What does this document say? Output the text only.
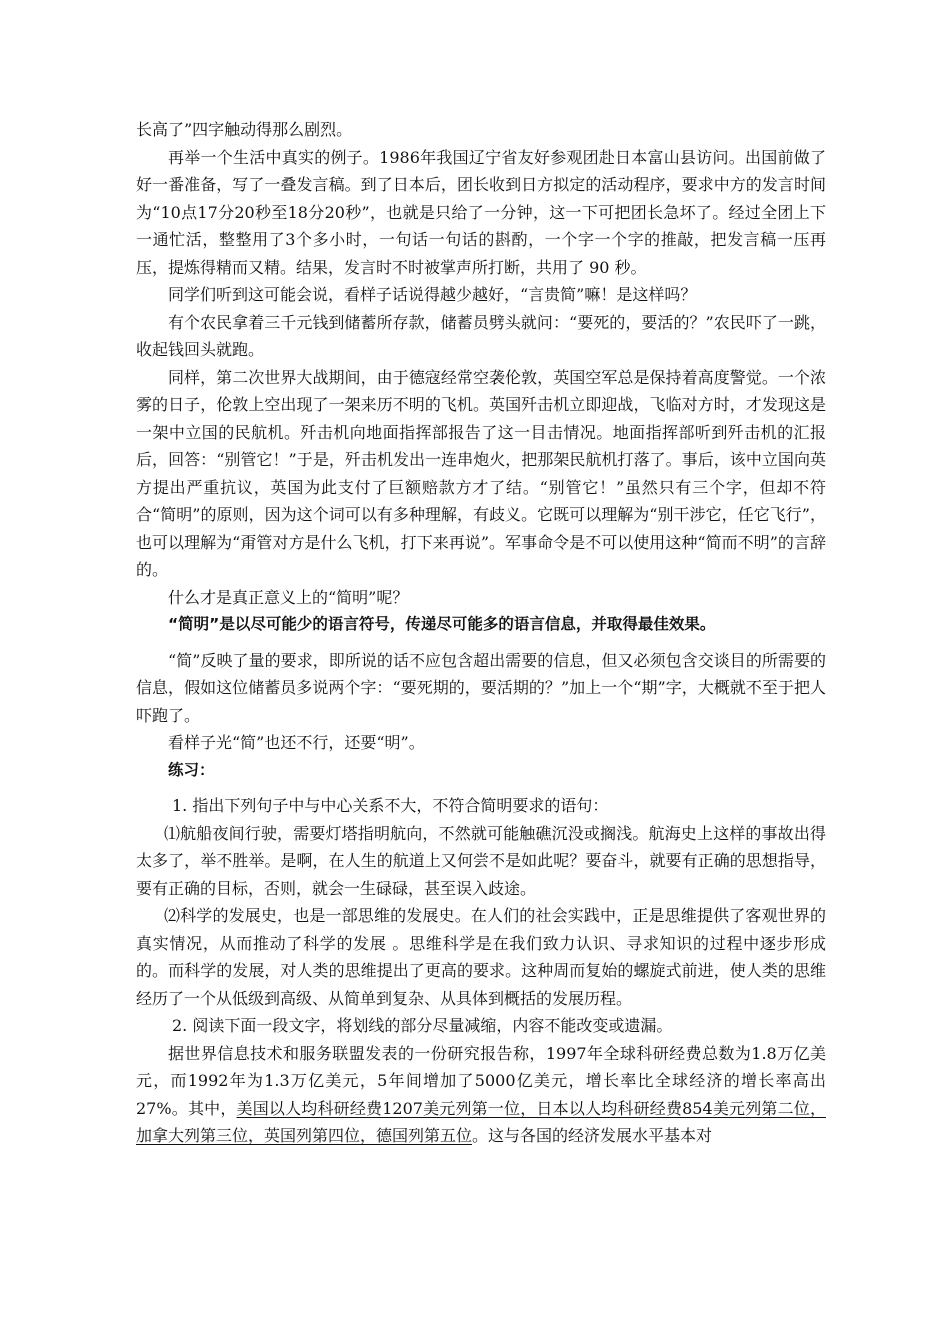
长高了”四字触动得那么剧烈。

再举一个生活中真实的例子。1986年我国辽宁省友好参观团赴日本富山县访问。出国前做了好一番准备，写了一叠发言稿。到了日本后，团长收到日方拟定的活动程序，要求中方的发言时间为“10点17分20秒至18分20秒”，也就是只给了一分钟，这一下可把团长急坏了。经过全团上下一通忙活，整整用了3个多小时，一句话一句话的斟酌，一个字一个字的推敲，把发言稿一压再压，提炼得精而又精。结果，发言时不时被掌声所打断，共用了 90 秒。

同学们听到这可能会说，看样子话说得越少越好，“言贵简”嘛！是这样吗？

有个农民拿着三千元钱到储蓄所存款，储蓄员劈头就问：“要死的，要活的？”农民吓了一跳，收起钱回头就跑。

同样，第二次世界大战期间，由于德寇经常空袭伦敦，英国空军总是保持着高度警觉。一个浓雾的日子，伦敦上空出现了一架来历不明的飞机。英国歼击机立即迎战，飞临对方时，才发现这是一架中立国的民航机。歼击机向地面指挥部报告了这一目击情况。地面指挥部听到歼击机的汇报后，回答：“别管它！”于是，歼击机发出一连串炮火，把那架民航机打落了。事后，该中立国向英方提出严重抗议，英国为此支付了巨额赔款方才了结。“别管它！”虽然只有三个字，但却不符合“简明”的原则，因为这个词可以有多种理解，有歧义。它既可以理解为“别干涉它，任它飞行”，也可以理解为“甭管对方是什么飞机，打下来再说”。军事命令是不可以使用这种“简而不明”的言辞的。

什么才是真正意义上的“简明”呢？

“简明”是以尽可能少的语言符号，传递尽可能多的语言信息，并取得最佳效果。

“简”反映了量的要求，即所说的话不应包含超出需要的信息，但又必须包含交谈目的所需要的信息，假如这位储蓄员多说两个字：“要死期的，要活期的？”加上一个“期”字，大概就不至于把人吓跑了。

看样子光“简”也还不行，还要“明”。

练习：

1. 指出下列句子中与中心关系不大，不符合简明要求的语句：

⑴航船夜间行驶，需要灯塔指明航向，不然就可能触礁沉没或搁浅。航海史上这样的事故出得太多了，举不胜举。是啊，在人生的航道上又何尝不是如此呢？要奋斗，就要有正确的思想指导，要有正确的目标，否则，就会一生碌碌，甚至误入歧途。

⑵科学的发展史，也是一部思维的发展史。在人们的社会实践中，正是思维提供了客观世界的真实情况，从而推动了科学的发展 。思维科学是在我们致力认识、寻求知识的过程中逐步形成的。而科学的发展，对人类的思维提出了更高的要求。这种周而复始的螺旋式前进，使人类的思维经历了一个从低级到高级、从简单到复杂、从具体到概括的发展历程。

2. 阅读下面一段文字，将划线的部分尽量减缩，内容不能改变或遗漏。

据世界信息技术和服务联盟发表的一份研究报告称，1997年全球科研经费总数为1.8万亿美元，而1992年为1.3万亿美元，5年间增加了5000亿美元，增长率比全球经济的增长率高出27%。其中，美国以人均科研经费1207美元列第一位，日本以人均科研经费854美元列第二位，加拿大列第三位，英国列第四位，德国列第五位。这与各国的经济发展水平基本对
